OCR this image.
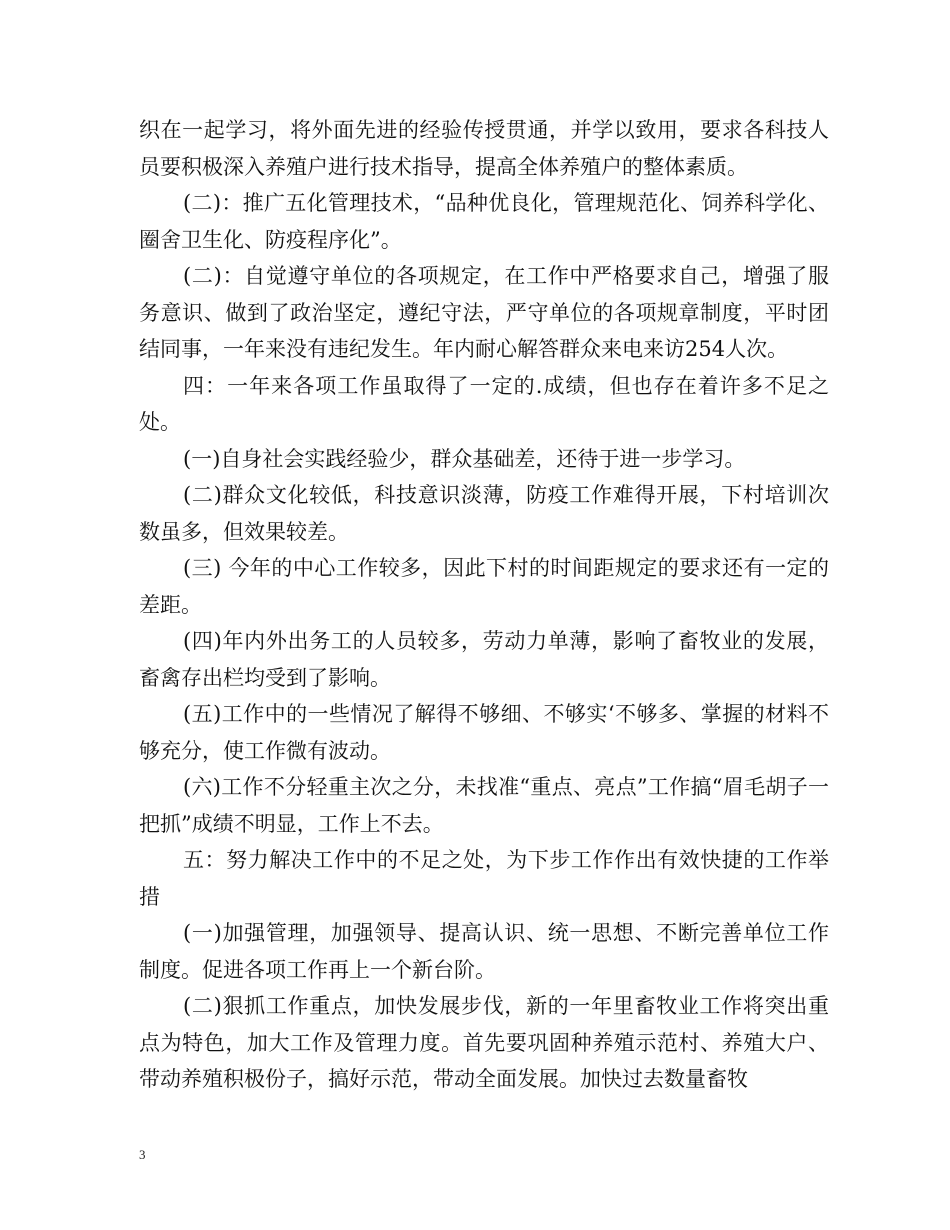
织在一起学习，将外面先进的经验传授贯通，并学以致用，要求各科技人员要积极深入养殖户进行技术指导，提高全体养殖户的整体素质。

(二)：推广五化管理技术，“品种优良化，管理规范化、饲养科学化、圈舍卫生化、防疫程序化”。

(二)：自觉遵守单位的各项规定，在工作中严格要求自己，增强了服务意识、做到了政治坚定，遵纪守法，严守单位的各项规章制度，平时团结同事，一年来没有违纪发生。年内耐心解答群众来电来访254人次。

四：一年来各项工作虽取得了一定的.成绩，但也存在着许多不足之处。

(一)自身社会实践经验少，群众基础差，还待于进一步学习。

(二)群众文化较低，科技意识淡薄，防疫工作难得开展，下村培训次数虽多，但效果较差。

(三) 今年的中心工作较多，因此下村的时间距规定的要求还有一定的差距。

(四)年内外出务工的人员较多，劳动力单薄，影响了畜牧业的发展，畜禽存出栏均受到了影响。

(五)工作中的一些情况了解得不够细、不够实‘不够多、掌握的材料不够充分，使工作微有波动。

(六)工作不分轻重主次之分，未找准“重点、亮点”工作搞“眉毛胡子一把抓”成绩不明显，工作上不去。

五：努力解决工作中的不足之处，为下步工作作出有效快捷的工作举措

(一)加强管理，加强领导、提高认识、统一思想、不断完善单位工作制度。促进各项工作再上一个新台阶。

(二)狠抓工作重点，加快发展步伐，新的一年里畜牧业工作将突出重点为特色，加大工作及管理力度。首先要巩固种养殖示范村、养殖大户、带动养殖积极份子，搞好示范，带动全面发展。加快过去数量畜牧

3
